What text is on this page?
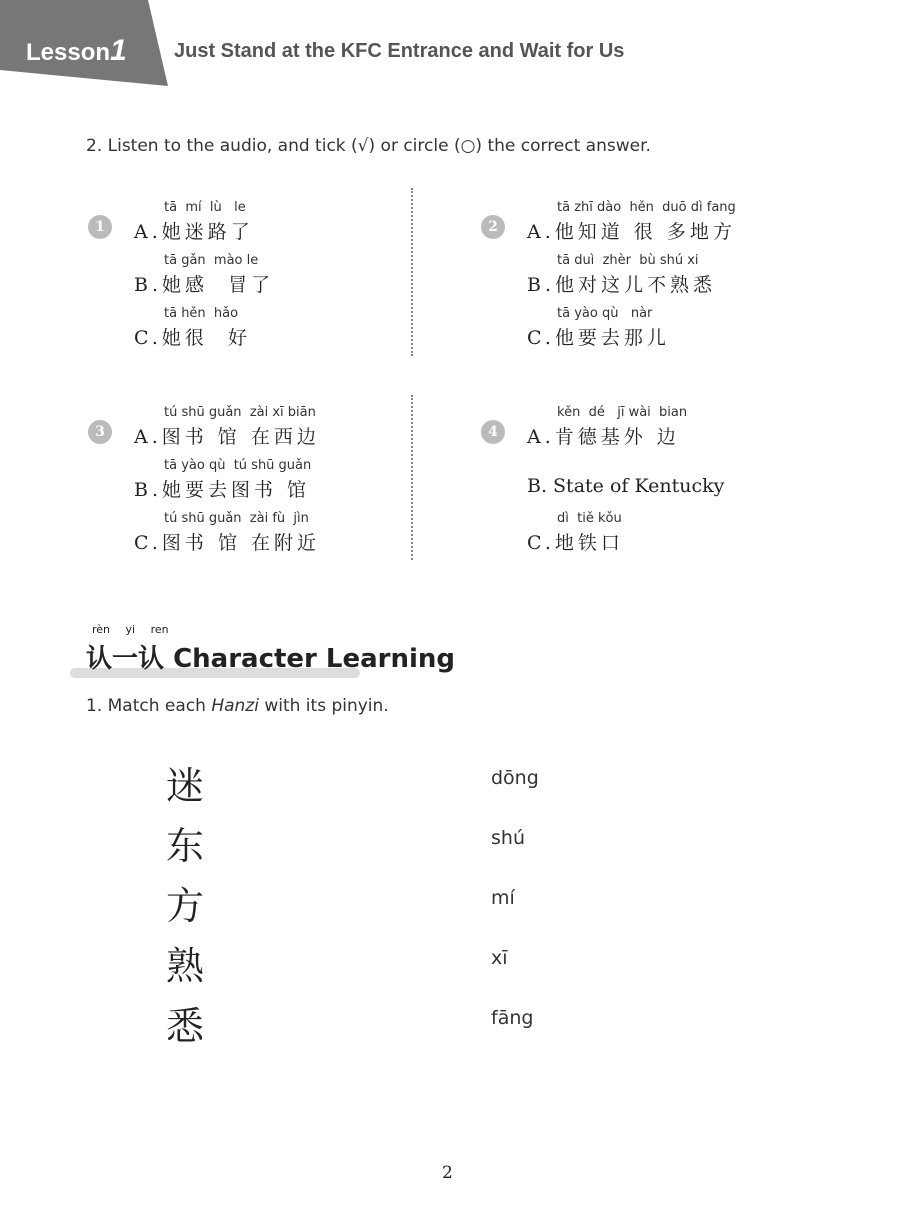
Lesson1 Just Stand at the KFC Entrance and Wait for Us
2. Listen to the audio, and tick (√) or circle (○) the correct answer.
1
tā  mí  lù   le
A.她迷路了
tā gǎn  mào le
B.她感  冒了
tā hěn  hǎo
C.她很  好
2
tā zhī dào  hěn  duō dì fang
A.他知道 很 多地方
tā duì  zhèr  bù shú xi
B.他对这儿不熟悉
tā yào qù   nàr
C.他要去那儿
3
tú shū guǎn  zài xī biān
A.图书 馆 在西边
tā yào qù  tú shū guǎn
B.她要去图书 馆
tú shū guǎn  zài fù  jìn
C.图书 馆 在附近
4
kěn  dé   jī wài  bian
A.肯德基外 边
B. State of Kentucky
dì  tiě kǒu
C.地铁口
rèn yi ren
认一认 Character Learning
1. Match each Hanzi with its pinyin.
迷	dōng
东	shú
方	mí
熟	xī
悉	fāng
2
